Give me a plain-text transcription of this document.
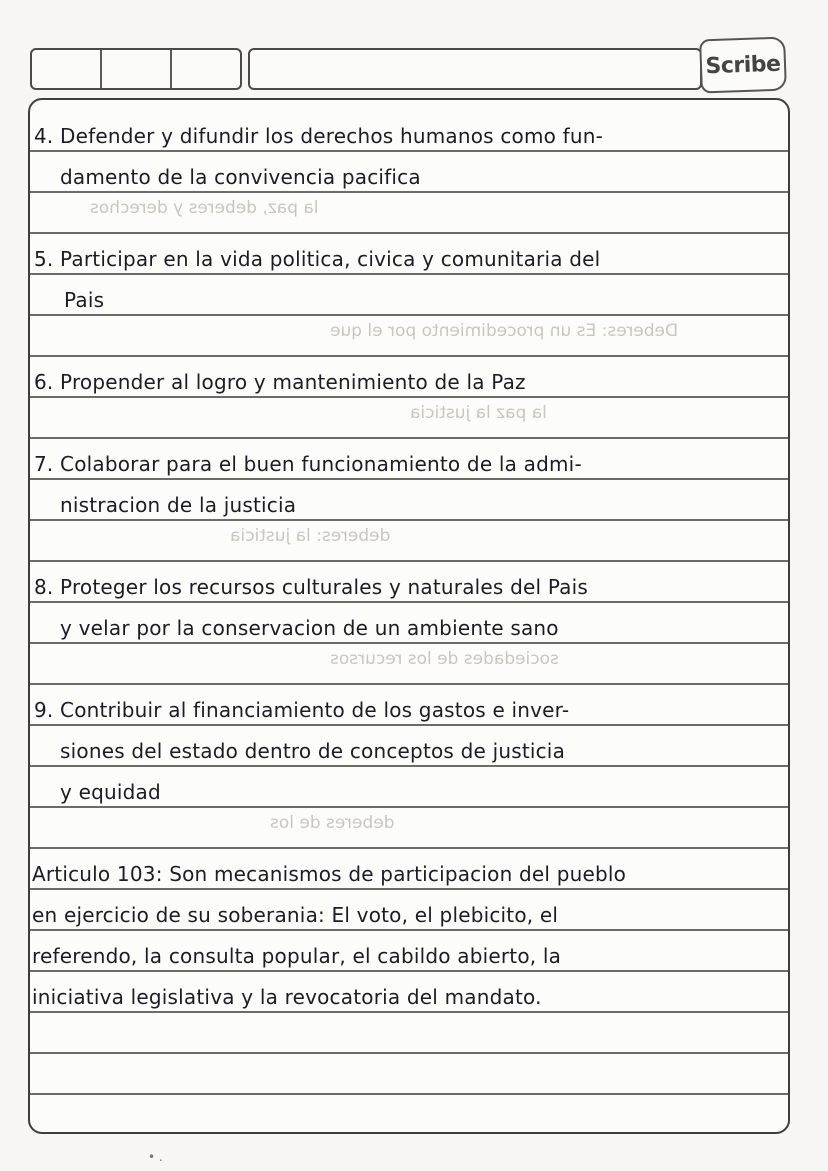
Scribe
la paz, deberes y derechos
Deberes: Es un procedimiento por el que
la paz la justicia
deberes: la justicia
sociedades de los recursos
deberes de los
4. Defender y difundir los derechos humanos como fun-
damento de la convivencia pacifica
5. Participar en la vida politica, civica y comunitaria del
Pais
6. Propender al logro y mantenimiento de la Paz
7. Colaborar para el buen funcionamiento de la admi-
nistracion de la justicia
8. Proteger los recursos culturales y naturales del Pais
y velar por la conservacion de un ambiente sano
9. Contribuir al financiamiento de los gastos e inver-
siones del estado dentro de conceptos de justicia
y equidad
Articulo 103: Son mecanismos de participacion del pueblo
en ejercicio de su soberania: El voto, el plebicito, el
referendo, la consulta popular, el cabildo abierto, la
iniciativa legislativa y la revocatoria del mandato.
• .
